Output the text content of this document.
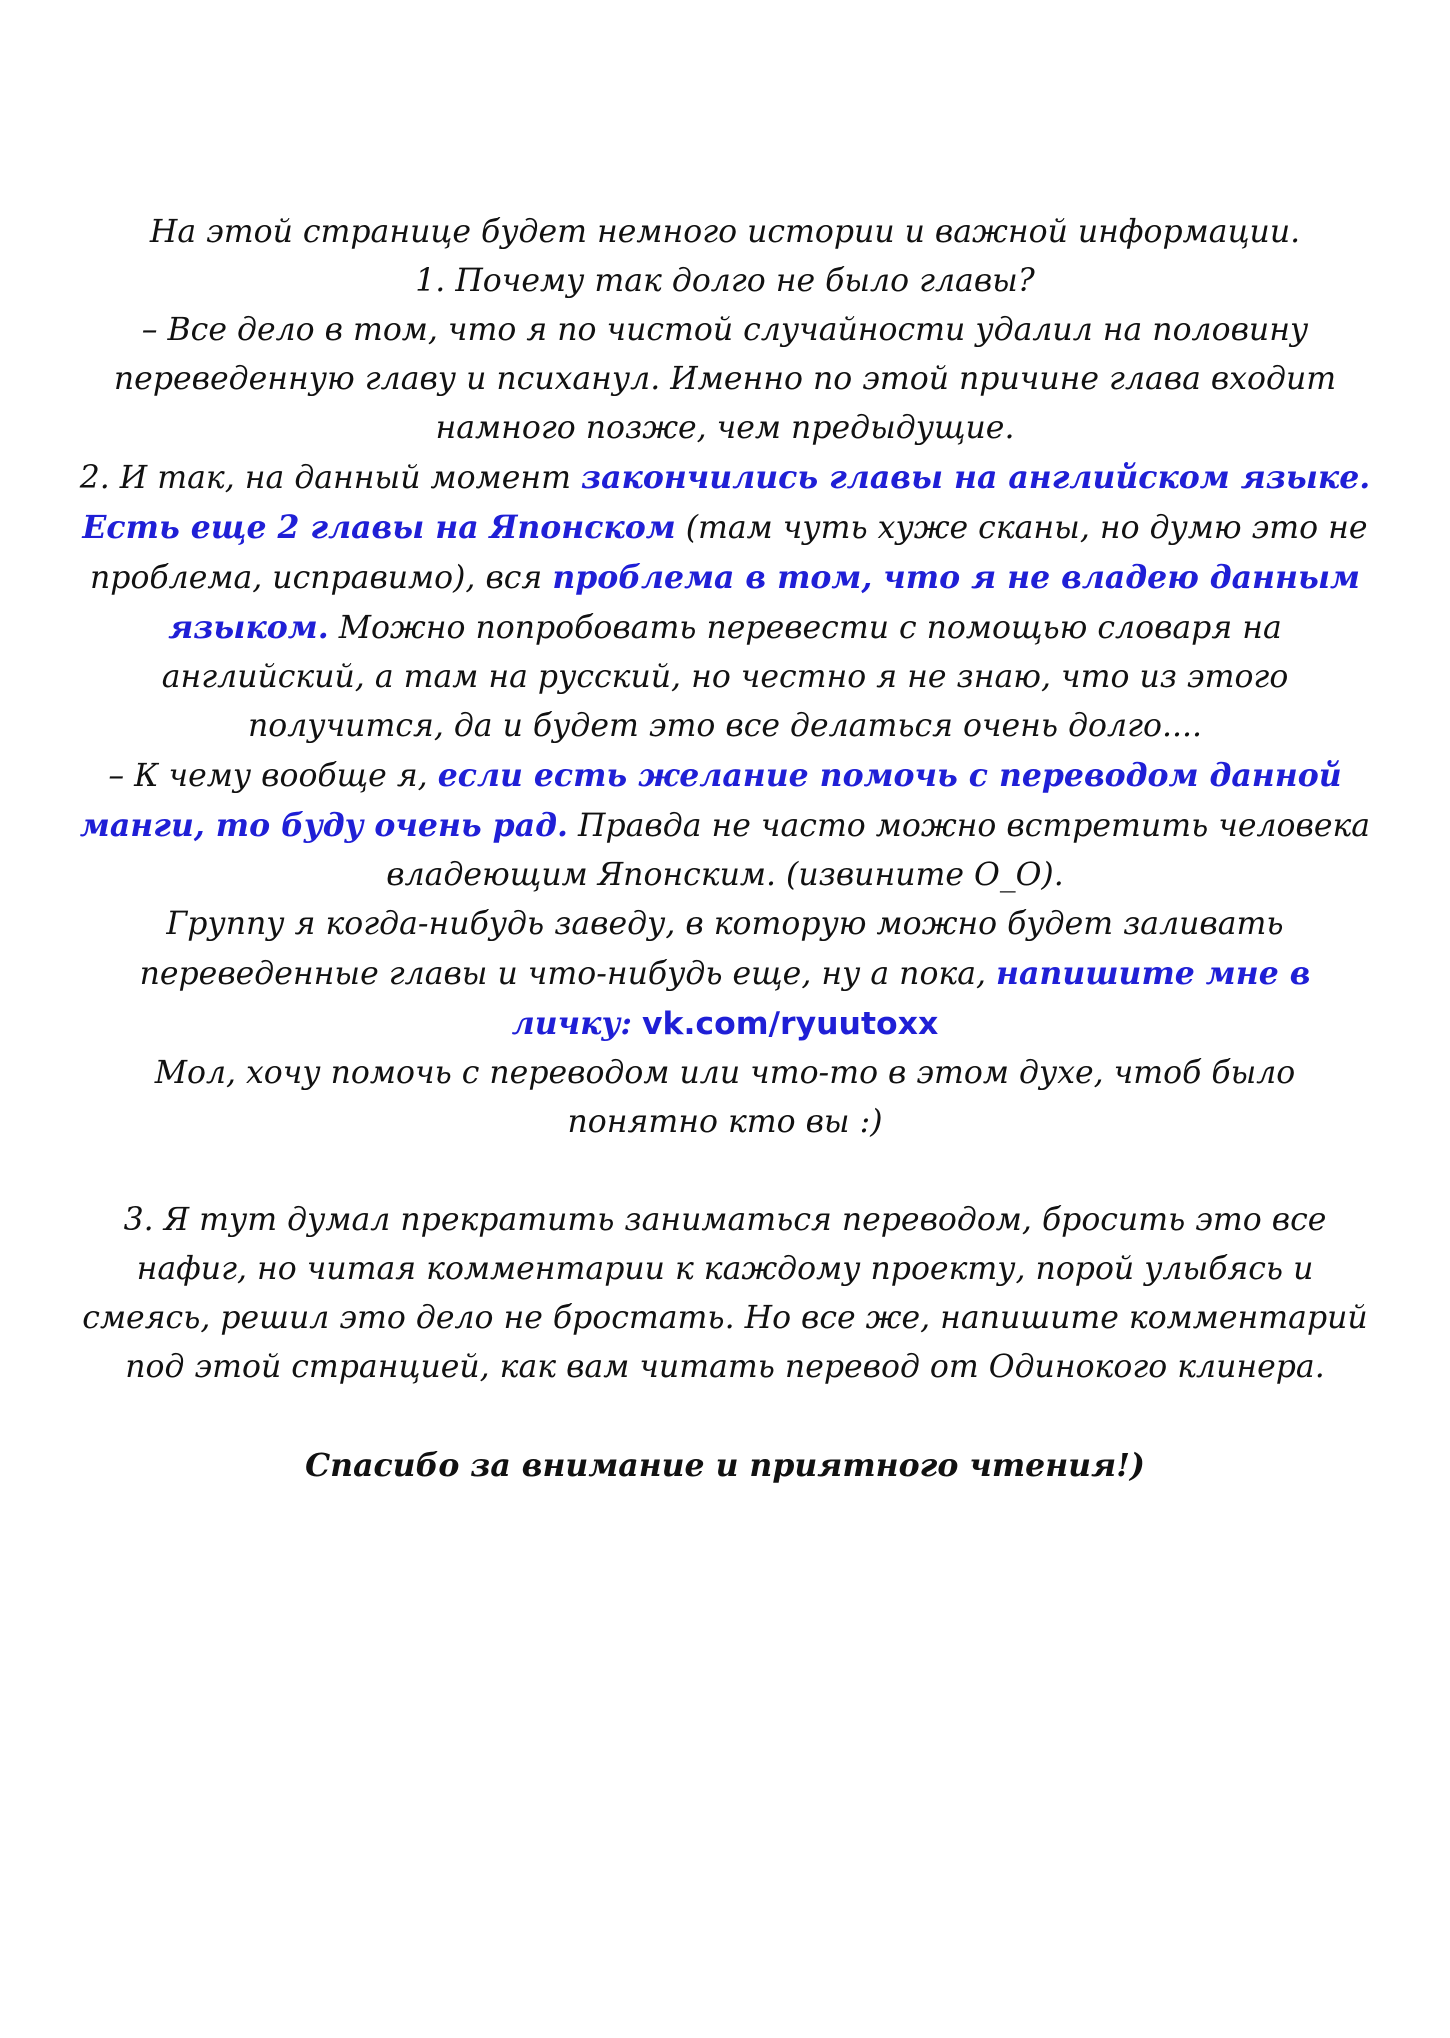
На этой странице будет немного истории и важной информации.

1. Почему так долго не было главы?

– Все дело в том, что я по чистой случайности удалил на половину переведенную главу и психанул. Именно по этой причине глава входит намного позже, чем предыдущие.

2. И так, на данный момент закончились главы на английском языке. Есть еще 2 главы на Японском (там чуть хуже сканы, но думю это не проблема, исправимо), вся проблема в том, что я не владею данным языком. Можно попробовать перевести с помощью словаря на английский, а там на русский, но честно я не знаю, что из этого получится, да и будет это все делаться очень долго....

– К чему вообще я, если есть желание помочь с переводом данной манги, то буду очень рад. Правда не часто можно встретить человека владеющим Японским. (извините О_О).

Группу я когда-нибудь заведу, в которую можно будет заливать переведенные главы и что-нибудь еще, ну а пока, напишите мне в личку: vk.com/ryuutoxx

Мол, хочу помочь с переводом или что-то в этом духе, чтоб было понятно кто вы :)

3. Я тут думал прекратить заниматься переводом, бросить это все нафиг, но читая комментарии к каждому проекту, порой улыбясь и смеясь, решил это дело не бростать. Но все же, напишите комментарий под этой странцией, как вам читать перевод от Одинокого клинера.

Спасибо за внимание и приятного чтения!)
